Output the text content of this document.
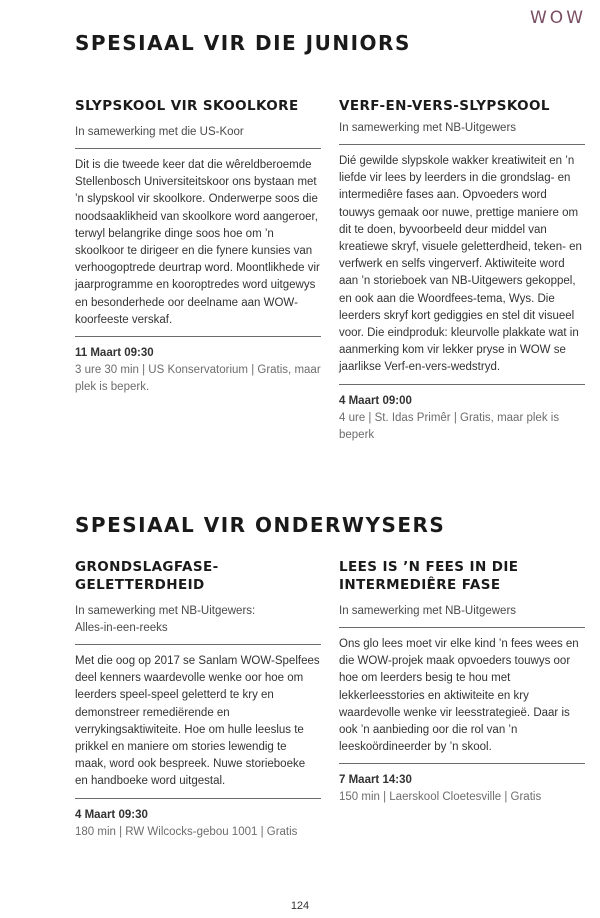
WOW
SPESIAAL VIR DIE JUNIORS
SLYPSKOOL VIR SKOOLKORE
In samewerking met die US-Koor

Dit is die tweede keer dat die wêreldberoemde Stellenbosch Universiteitskoor ons bystaan met ’n slypskool vir skoolkore. Onderwerpe soos die noodsaaklikheid van skoolkore word aangeroer, terwyl belangrike dinge soos hoe om ’n skoolkoor te dirigeer en die fynere kunsies van verhoogoptrede deurtrap word. Moontlikhede vir jaarprogramme en koorоptredes word uitgewys en besonderhede oor deelname aan WOW-koorfeeste verskaf.

11 Maart 09:30

3 ure 30 min | US Konservatorium | Gratis, maar plek is beperk.

VERF-EN-VERS-SLYPSKOOL
In samewerking met NB-Uitgewers

Dié gewilde slypskole wakker kreatiwiteit en ’n liefde vir lees by leerders in die grondslag- en intermediêre fases aan. Opvoeders word touwys gemaak oor nuwe, prettige maniere om dit te doen, byvoorbeeld deur middel van kreatiewe skryf, visuele geletterdheid, teken- en verfwerk en selfs vingerverf. Aktiwiteite word aan ’n storieboek van NB-Uitgewers gekoppel, en ook aan die Woordfees-tema, Wys. Die leerders skryf kort gediggies en stel dit visueel voor. Die eindproduk: kleurvolle plakkate wat in aanmerking kom vir lekker pryse in WOW se jaarlikse Verf-en-vers-wedstryd.

4 Maart 09:00

4 ure | St. Idas Primêr | Gratis, maar plek is beperk

SPESIAAL VIR ONDERWYSERS
GRONDSLAGFASE-
GELETTERDHEID
In samewerking met NB-Uitgewers:
Alles-in-een-reeks

Met die oog op 2017 se Sanlam WOW-Spelfees deel kenners waardevolle wenke oor hoe om leerders speel-speel geletterd te kry en demonstreer remediërende en verrykingsaktiwiteite. Hoe om hulle leeslus te prikkel en maniere om stories lewendig te maak, word ook bespreek. Nuwe storieboeke en handboeke word uitgestal.

4 Maart 09:30

180 min | RW Wilcocks-gebou 1001 | Gratis

LEES IS ’N FEES IN DIE
INTERMEDIÊRE FASE
In samewerking met NB-Uitgewers

Ons glo lees moet vir elke kind ’n fees wees en die WOW-projek maak opvoeders touwys oor hoe om leerders besig te hou met lekkerleesstories en aktiwiteite en kry waardevolle wenke vir leesstrategieë. Daar is ook ’n aanbieding oor die rol van ’n leeskoördineerder by ’n skool.

7 Maart 14:30

150 min | Laerskool Cloetesville | Gratis

124
